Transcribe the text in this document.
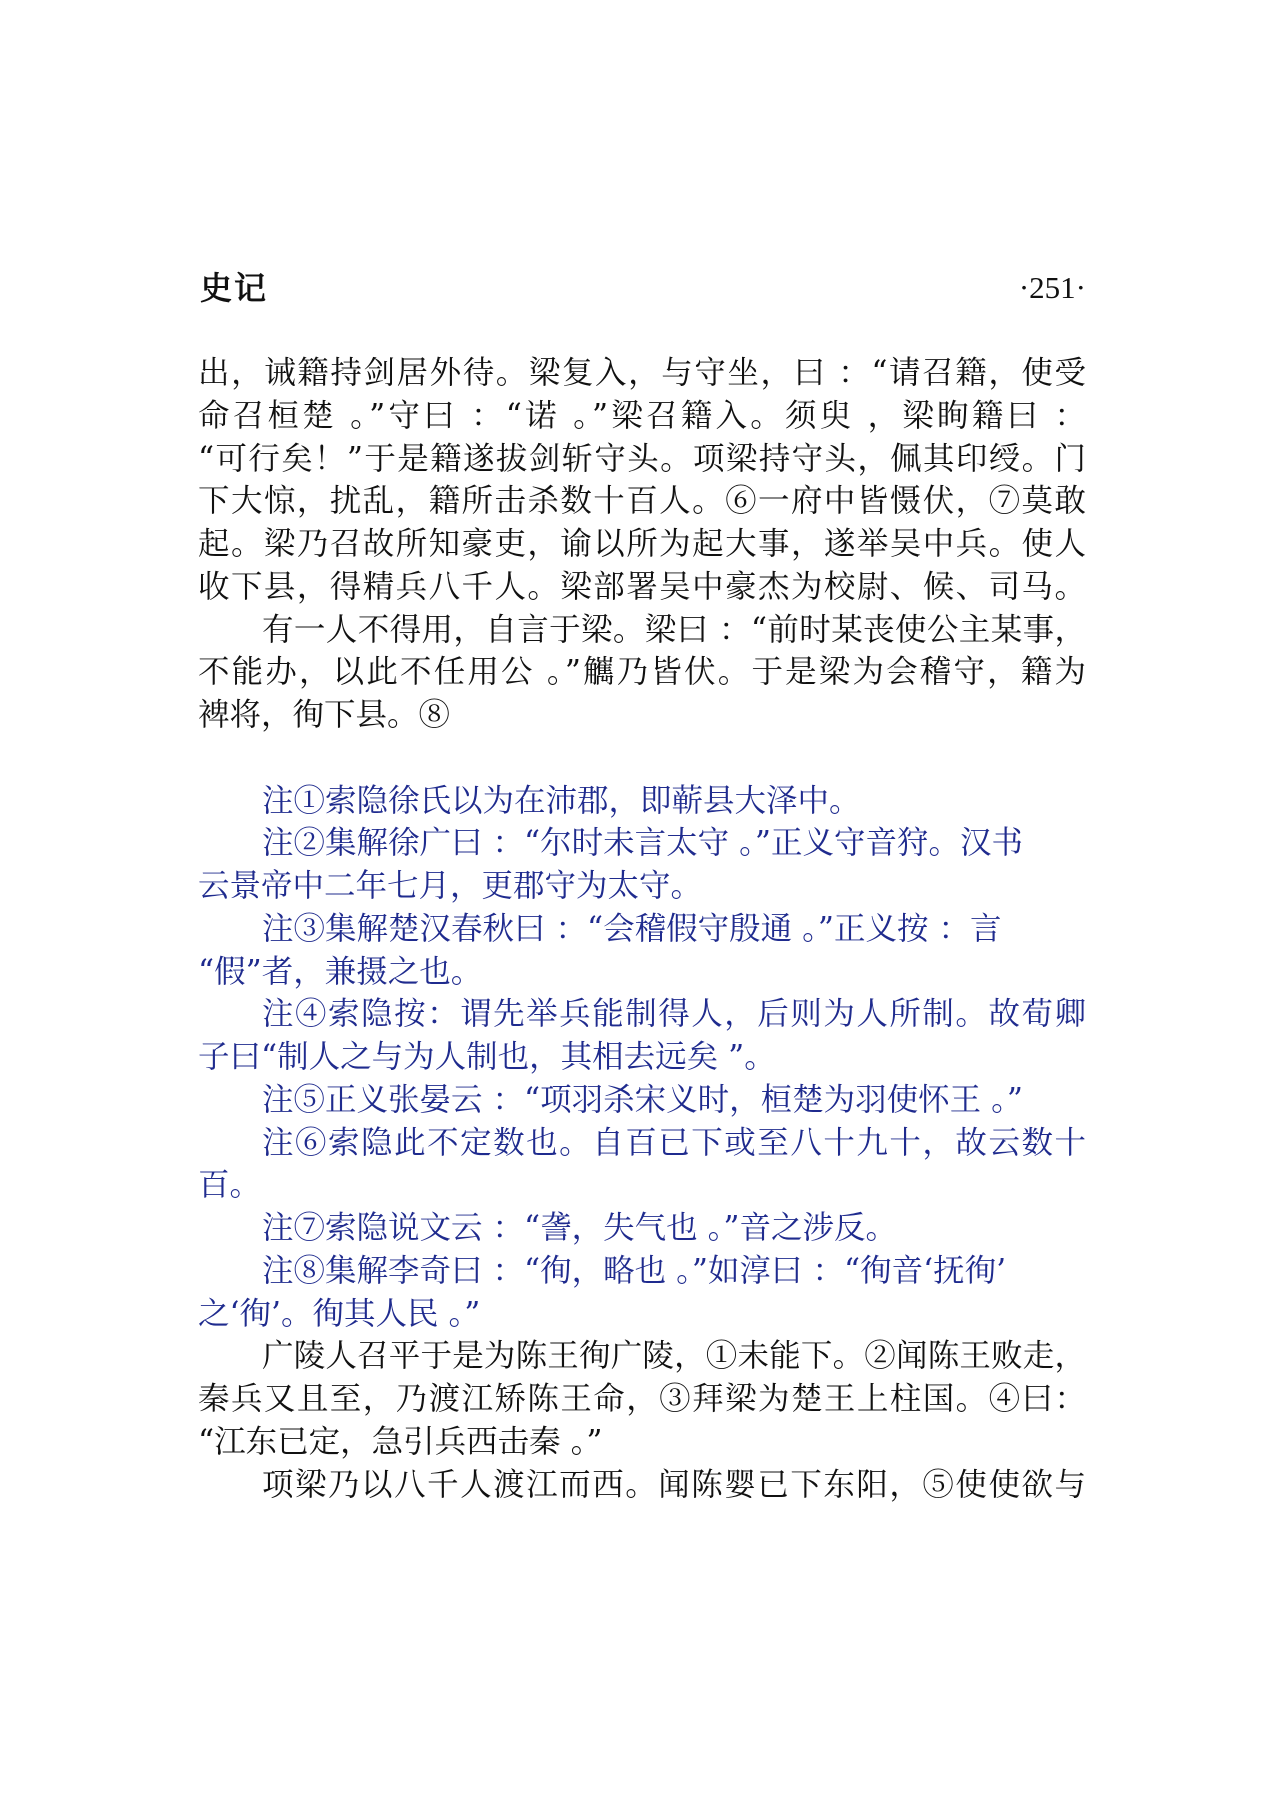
史记	·251·
出，诫籍持剑居外待。梁复入，与守坐，曰 ：“请召籍，使受
命召桓楚 。”守曰 ：“诺 。”梁召籍入。须臾 ，梁眴籍曰 ：
“可行矣！”于是籍遂拔剑斩守头。项梁持守头，佩其印绶。门
下大惊，扰乱，籍所击杀数十百人。⑥一府中皆慑伏，⑦莫敢
起。梁乃召故所知豪吏，谕以所为起大事，遂举吴中兵。使人
收下县，得精兵八千人。梁部署吴中豪杰为校尉、候、司马。
有一人不得用，自言于梁。梁曰 ：“前时某丧使公主某事，
不能办，以此不任用公 。”觽乃皆伏。于是梁为会稽守，籍为
裨将，徇下县。⑧
注①索隐徐氏以为在沛郡，即蕲县大泽中。
注②集解徐广曰 ：“尔时未言太守 。”正义守音狩。汉书
云景帝中二年七月，更郡守为太守。
注③集解楚汉春秋曰 ：“会稽假守殷通 。”正义按 ：言
“假”者，兼摄之也。
注④索隐按：谓先举兵能制得人，后则为人所制。故荀卿
子曰“制人之与为人制也，其相去远矣 ”。
注⑤正义张晏云 ：“项羽杀宋义时，桓楚为羽使怀王 。”
注⑥索隐此不定数也。自百已下或至八十九十，故云数十
百。
注⑦索隐说文云 ：“詟，失气也 。”音之涉反。
注⑧集解李奇曰 ：“徇，略也 。”如淳曰 ：“徇音‘抚徇’
之‘徇’。徇其人民 。”
广陵人召平于是为陈王徇广陵，①未能下。②闻陈王败走，
秦兵又且至，乃渡江矫陈王命，③拜梁为楚王上柱国。④曰：
“江东已定，急引兵西击秦 。”
项梁乃以八千人渡江而西。闻陈婴已下东阳，⑤使使欲与
